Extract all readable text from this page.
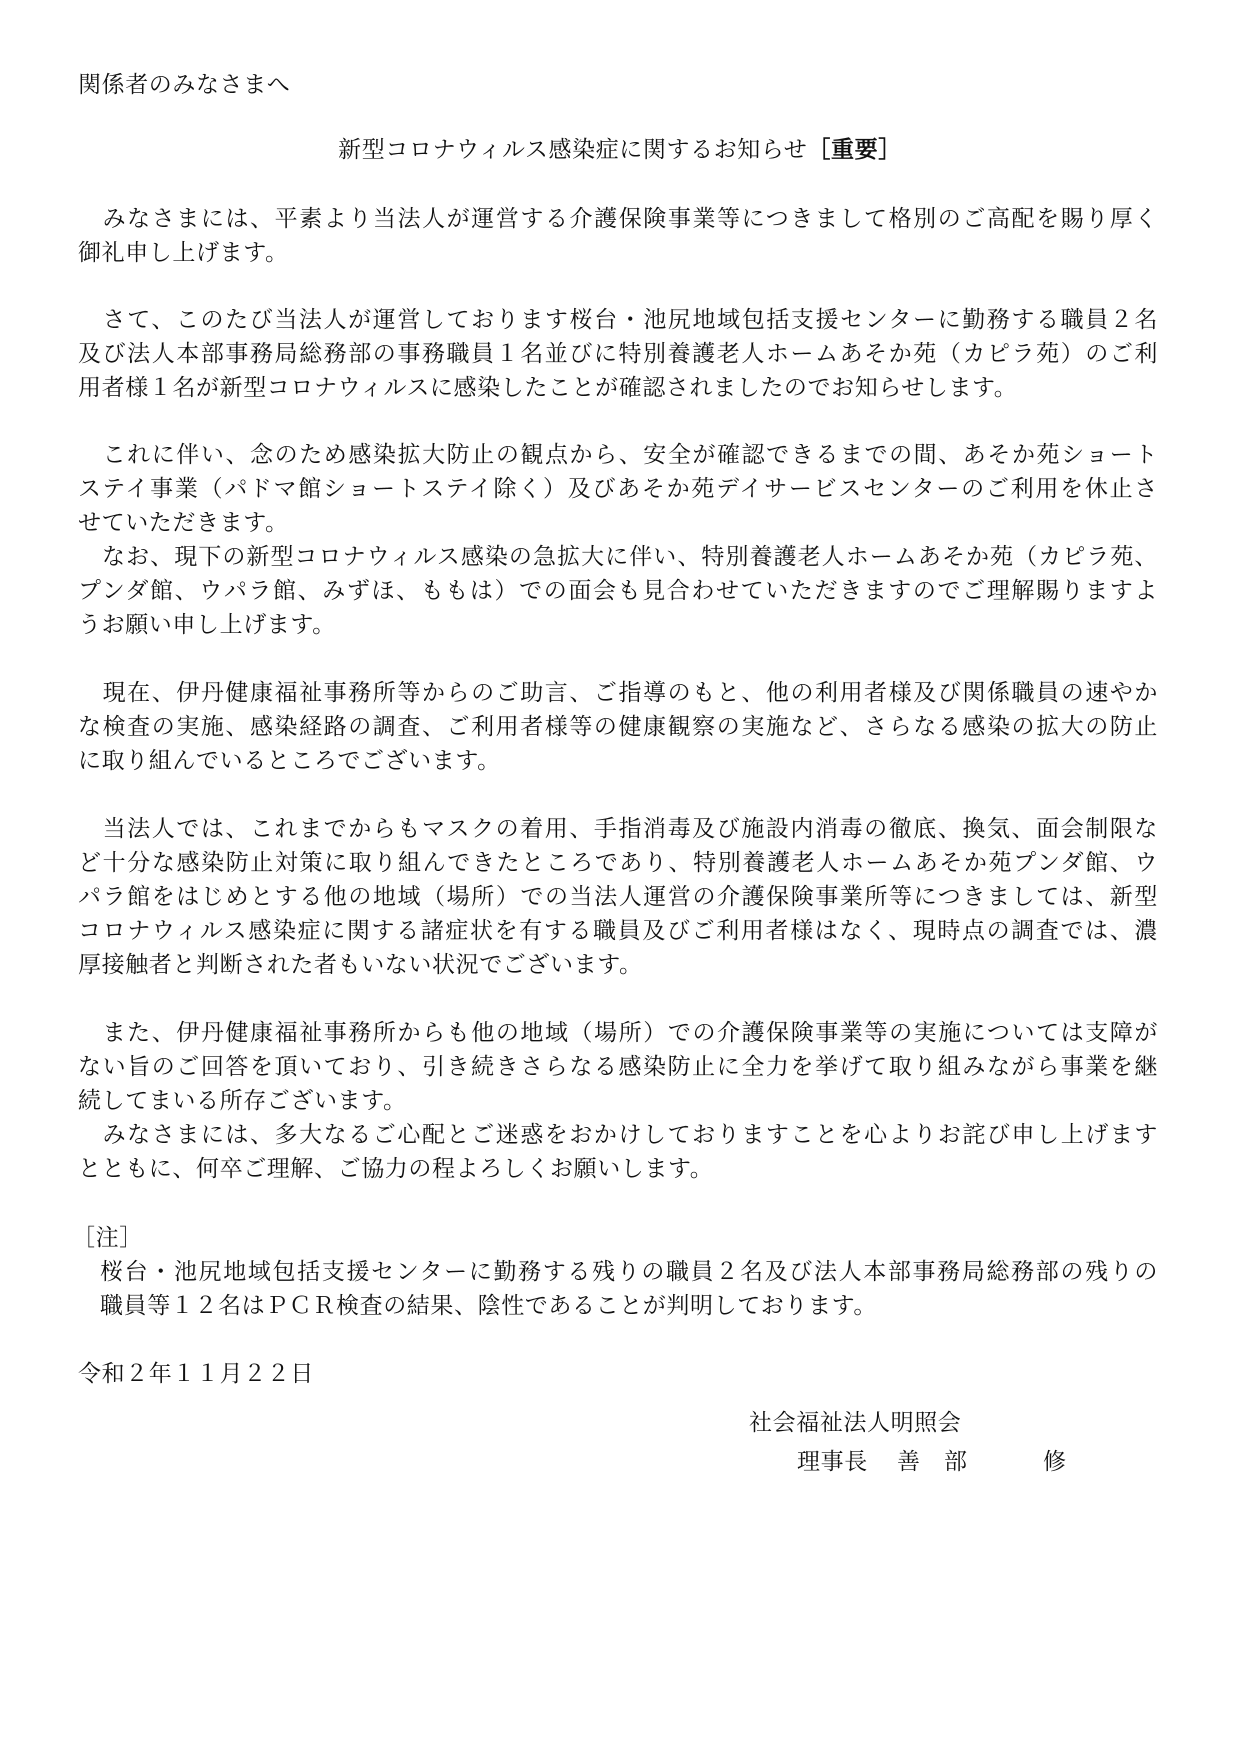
関係者のみなさまへ
新型コロナウィルス感染症に関するお知らせ［重要］
　みなさまには、平素より当法人が運営する介護保険事業等につきまして格別のご高配を賜り厚く
御礼申し上げます。
　さて、このたび当法人が運営しております桜台・池尻地域包括支援センターに勤務する職員２名
及び法人本部事務局総務部の事務職員１名並びに特別養護老人ホームあそか苑（カピラ苑）のご利
用者様１名が新型コロナウィルスに感染したことが確認されましたのでお知らせします。
　これに伴い、念のため感染拡大防止の観点から、安全が確認できるまでの間、あそか苑ショート
ステイ事業（パドマ館ショートステイ除く）及びあそか苑デイサービスセンターのご利用を休止さ
せていただきます。
　なお、現下の新型コロナウィルス感染の急拡大に伴い、特別養護老人ホームあそか苑（カピラ苑、
プンダ館、ウパラ館、みずほ、ももは）での面会も見合わせていただきますのでご理解賜りますよ
うお願い申し上げます。
　現在、伊丹健康福祉事務所等からのご助言、ご指導のもと、他の利用者様及び関係職員の速やか
な検査の実施、感染経路の調査、ご利用者様等の健康観察の実施など、さらなる感染の拡大の防止
に取り組んでいるところでございます。
　当法人では、これまでからもマスクの着用、手指消毒及び施設内消毒の徹底、換気、面会制限な
ど十分な感染防止対策に取り組んできたところであり、特別養護老人ホームあそか苑プンダ館、ウ
パラ館をはじめとする他の地域（場所）での当法人運営の介護保険事業所等につきましては、新型
コロナウィルス感染症に関する諸症状を有する職員及びご利用者様はなく、現時点の調査では、濃
厚接触者と判断された者もいない状況でございます。
　また、伊丹健康福祉事務所からも他の地域（場所）での介護保険事業等の実施については支障が
ない旨のご回答を頂いており、引き続きさらなる感染防止に全力を挙げて取り組みながら事業を継
続してまいる所存ございます。
　みなさまには、多大なるご心配とご迷惑をおかけしておりますことを心よりお詫び申し上げます
とともに、何卒ご理解、ご協力の程よろしくお願いします。
［注］
桜台・池尻地域包括支援センターに勤務する残りの職員２名及び法人本部事務局総務部の残りの
職員等１２名はＰＣＲ検査の結果、陰性であることが判明しております。
令和２年１１月２２日
社会福祉法人明照会
理事長 善 部	修
